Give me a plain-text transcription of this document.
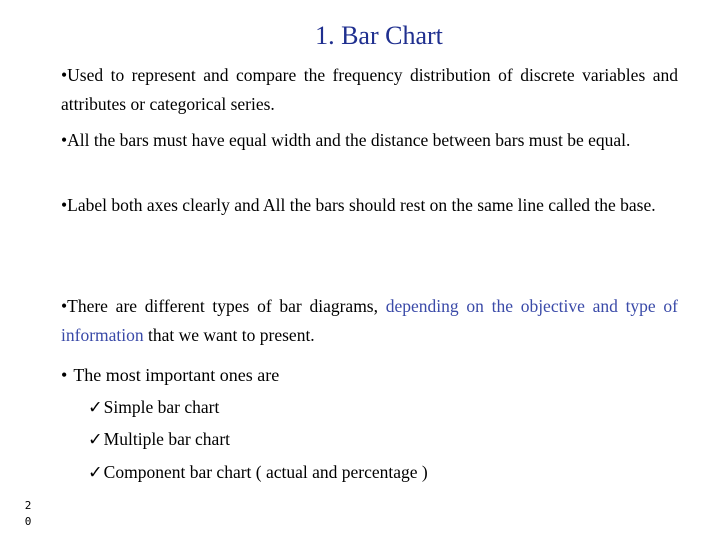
1. Bar Chart
•Used to represent and compare the frequency distribution of discrete variables and attributes or categorical series.
•All the bars must have equal width and the distance between bars must be equal.
•Label both axes clearly and All the bars should rest on the same line called the base.
•There are different types of bar diagrams, depending on the objective and type of information that we want to present.
• The most important ones are
✓Simple bar chart
✓Multiple bar chart
✓Component bar chart ( actual and percentage )
2
0
